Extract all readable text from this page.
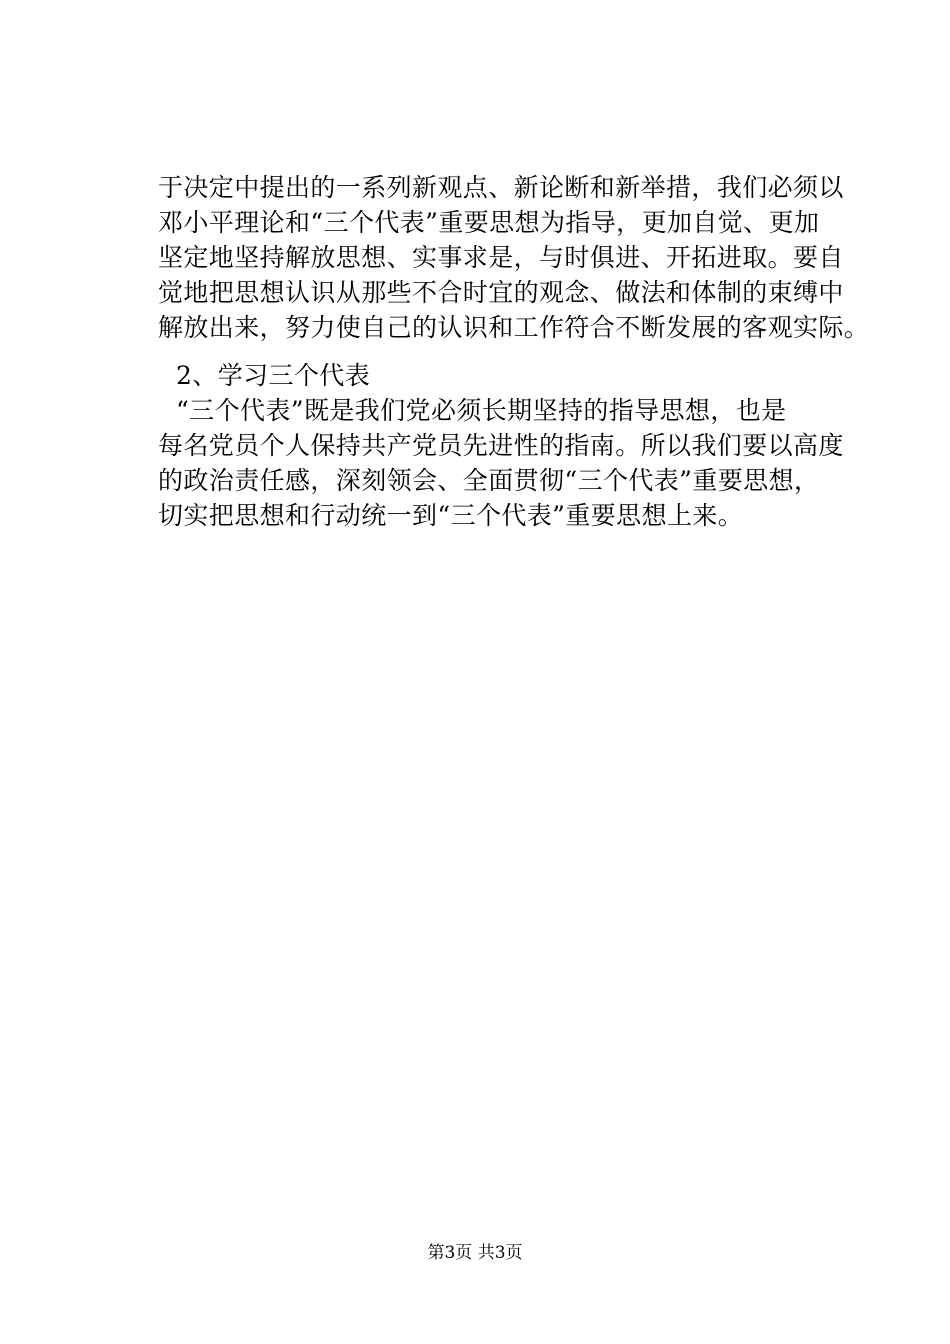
于决定中提出的一系列新观点、新论断和新举措，我们必须以
邓小平理论和“三个代表”重要思想为指导，更加自觉、更加
坚定地坚持解放思想、实事求是，与时俱进、开拓进取。要自
觉地把思想认识从那些不合时宜的观念、做法和体制的束缚中
解放出来，努力使自己的认识和工作符合不断发展的客观实际。
2、学习三个代表
“三个代表”既是我们党必须长期坚持的指导思想，也是
每名党员个人保持共产党员先进性的指南。所以我们要以高度
的政治责任感，深刻领会、全面贯彻“三个代表”重要思想，
切实把思想和行动统一到“三个代表”重要思想上来。
第3页 共3页
